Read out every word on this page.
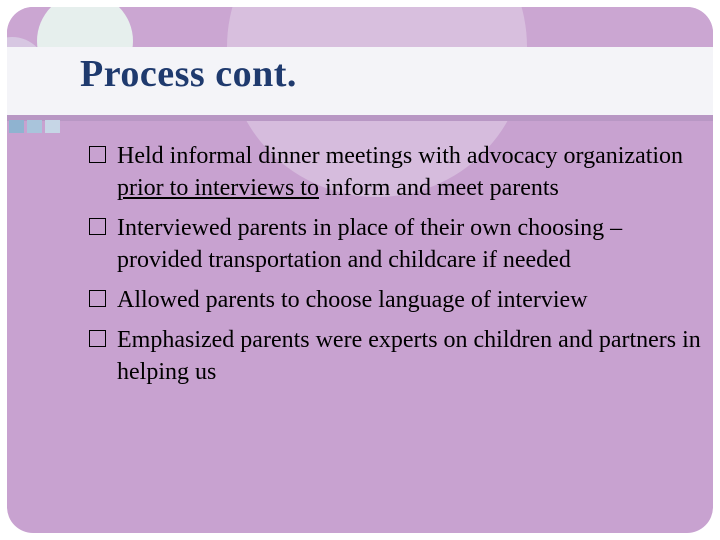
Process cont.
Held informal dinner meetings with advocacy organization prior to interviews to inform and meet parents
Interviewed parents in place of their own choosing – provided transportation and childcare if needed
Allowed parents to choose language of interview
Emphasized parents were experts on children and partners in helping us
